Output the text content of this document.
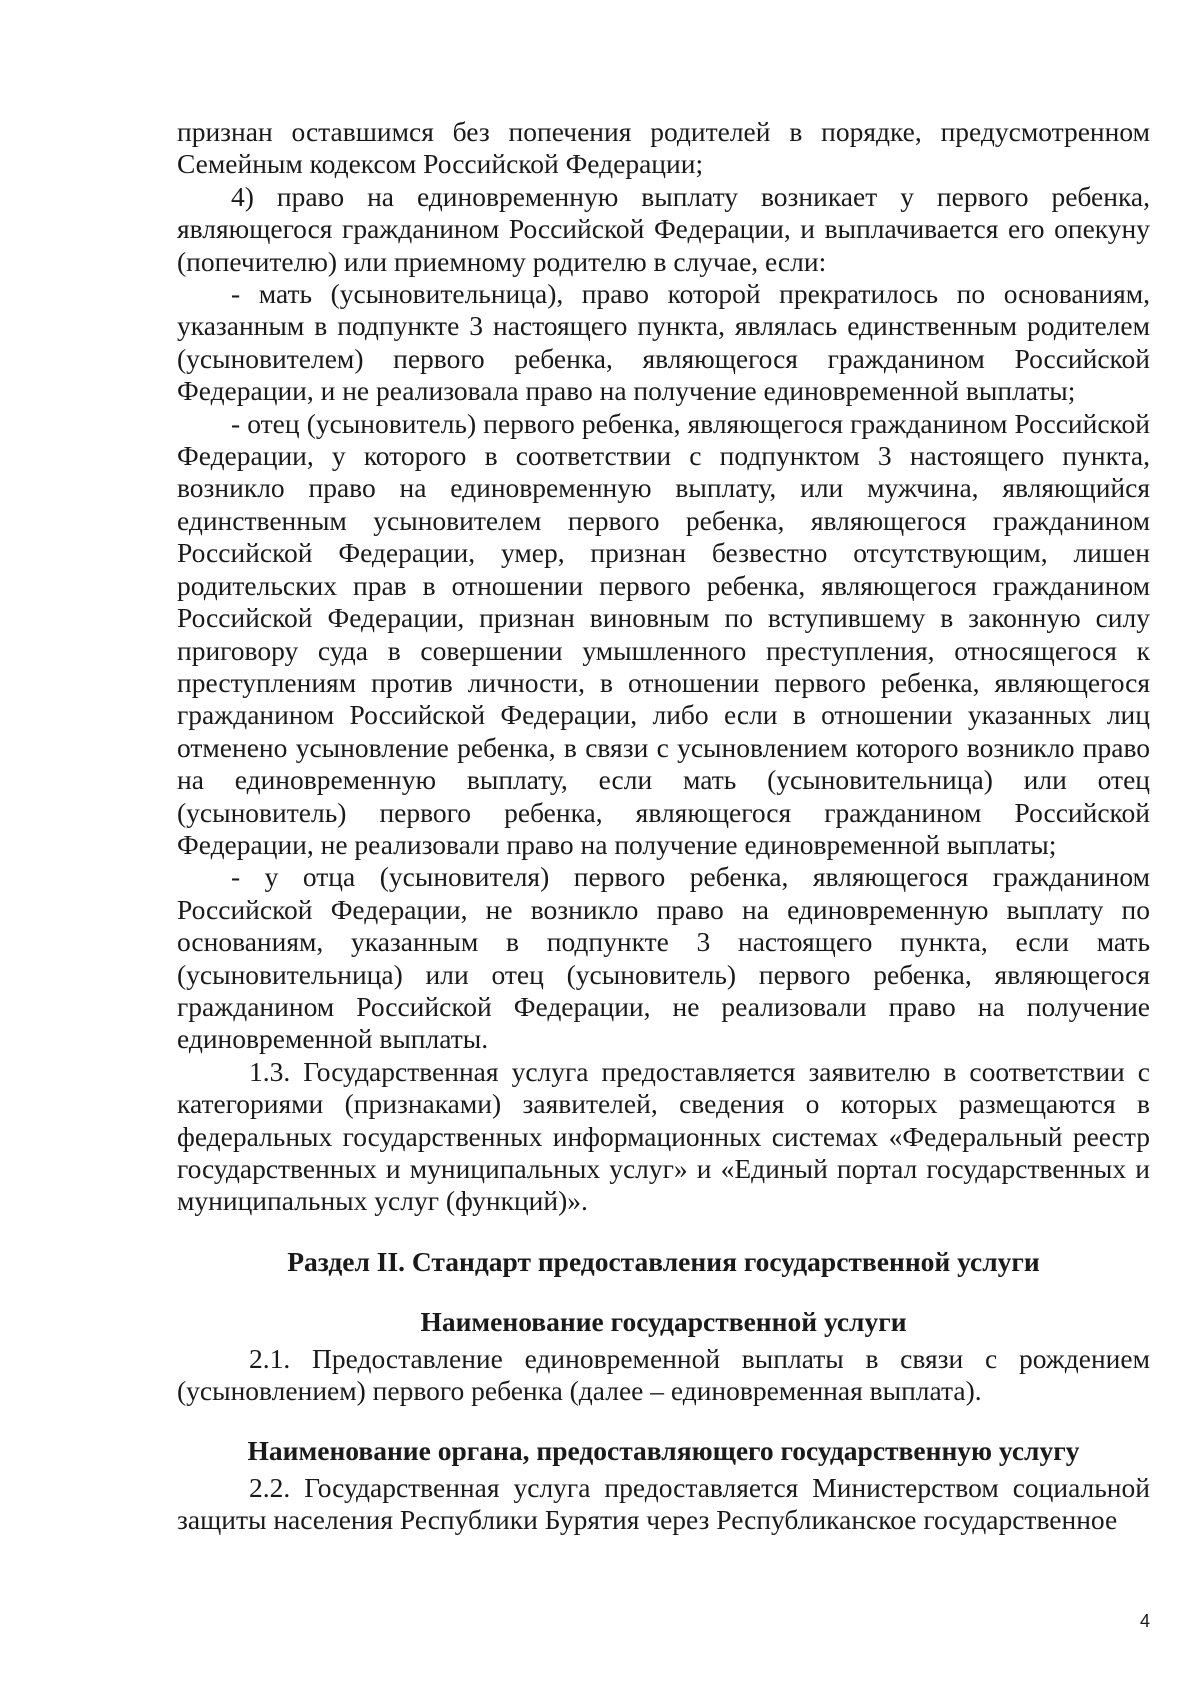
признан оставшимся без попечения родителей в порядке, предусмотренном Семейным кодексом Российской Федерации;

4) право на единовременную выплату возникает у первого ребенка, являющегося гражданином Российской Федерации, и выплачивается его опекуну (попечителю) или приемному родителю в случае, если:

- мать (усыновительница), право которой прекратилось по основаниям, указанным в подпункте 3 настоящего пункта, являлась единственным родителем (усыновителем) первого ребенка, являющегося гражданином Российской Федерации, и не реализовала право на получение единовременной выплаты;

- отец (усыновитель) первого ребенка, являющегося гражданином Российской Федерации, у которого в соответствии с подпунктом 3 настоящего пункта, возникло право на единовременную выплату, или мужчина, являющийся единственным усыновителем первого ребенка, являющегося гражданином Российской Федерации, умер, признан безвестно отсутствующим, лишен родительских прав в отношении первого ребенка, являющегося гражданином Российской Федерации, признан виновным по вступившему в законную силу приговору суда в совершении умышленного преступления, относящегося к преступлениям против личности, в отношении первого ребенка, являющегося гражданином Российской Федерации, либо если в отношении указанных лиц отменено усыновление ребенка, в связи с усыновлением которого возникло право на единовременную выплату, если мать (усыновительница) или отец (усыновитель) первого ребенка, являющегося гражданином Российской Федерации, не реализовали право на получение единовременной выплаты;

- у отца (усыновителя) первого ребенка, являющегося гражданином Российской Федерации, не возникло право на единовременную выплату по основаниям, указанным в подпункте 3 настоящего пункта, если мать (усыновительница) или отец (усыновитель) первого ребенка, являющегося гражданином Российской Федерации, не реализовали право на получение единовременной выплаты.

1.3. Государственная услуга предоставляется заявителю в соответствии с категориями (признаками) заявителей, сведения о которых размещаются в федеральных государственных информационных системах «Федеральный реестр государственных и муниципальных услуг» и «Единый портал государственных и муниципальных услуг (функций)».

Раздел II. Стандарт предоставления государственной услуги
Наименование государственной услуги

2.1. Предоставление единовременной выплаты в связи с рождением (усыновлением) первого ребенка (далее – единовременная выплата).

Наименование органа, предоставляющего государственную услугу

2.2. Государственная услуга предоставляется Министерством социальной защиты населения Республики Бурятия через Республиканское государственное

4
